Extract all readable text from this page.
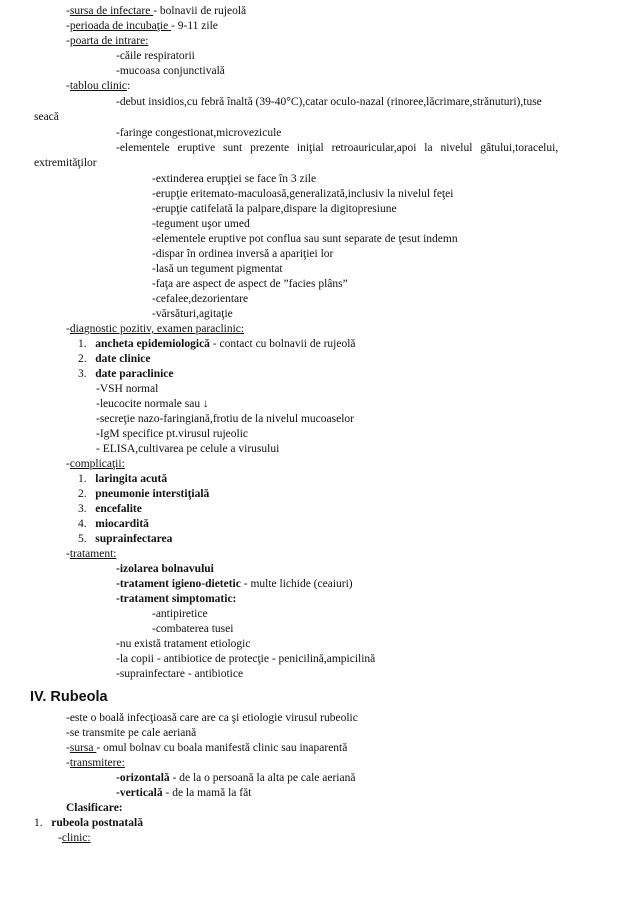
-sursa de infectare - bolnavii de rujeolă
-perioada de incubaţie - 9-11 zile
-poarta de intrare:
-căile respiratorii
-mucoasa conjunctivală
-tablou clinic:
-debut insidios,cu febră înaltă (39-40°C),catar oculo-nazal (rinoree,lăcrimare,strănuturi),tuse
seacă
-faringe congestionat,microvezicule
-elementele eruptive sunt prezente iniţial retroauricular,apoi la nivelul gâtului,toracelui,
extremităţilor
-extinderea erupţiei se face în 3 zile
-erupţie eritemato-maculoasă,generalizată,inclusiv la nivelul feţei
-erupţie catifelată la palpare,dispare la digitopresiune
-tegument uşor umed
-elementele eruptive pot conflua sau sunt separate de ţesut indemn
-dispar în ordinea inversă a apariţiei lor
-lasă un tegument pigmentat
-faţa are aspect de aspect de ”facies plâns”
-cefalee,dezorientare
-vărsături,agitaţie
-diagnostic pozitiv, examen paraclinic:
1. ancheta epidemiologică - contact cu bolnavii de rujeolă
2. date clinice
3. date paraclinice
-VSH normal
-leucocite normale sau ↓
-secreţie nazo-faringiană,frotiu de la nivelul mucoaselor
-IgM specifice pt.virusul rujeolic
- ELISA,cultivarea pe celule a virusului
-complicaţii:
1. laringita acută
2. pneumonie interstiţială
3. encefalite
4. miocardită
5. suprainfectarea
-tratament:
-izolarea bolnavului
-tratament igieno-dietetic - multe lichide (ceaiuri)
-tratament simptomatic:
-antipiretice
-combaterea tusei
-nu există tratament etiologic
-la copii - antibiotice de protecţie - penicilină,ampicilină
-suprainfectare - antibiotice
IV. Rubeola
-este o boală infecţioasă care are ca şi etiologie virusul rubeolic
-se transmite pe cale aeriană
-sursa - omul bolnav cu boala manifestă clinic sau inaparentă
-transmitere:
-orizontală - de la o persoană la alta pe cale aeriană
-verticală - de la mamă la făt
Clasificare:
1. rubeola postnatală
-clinic:
